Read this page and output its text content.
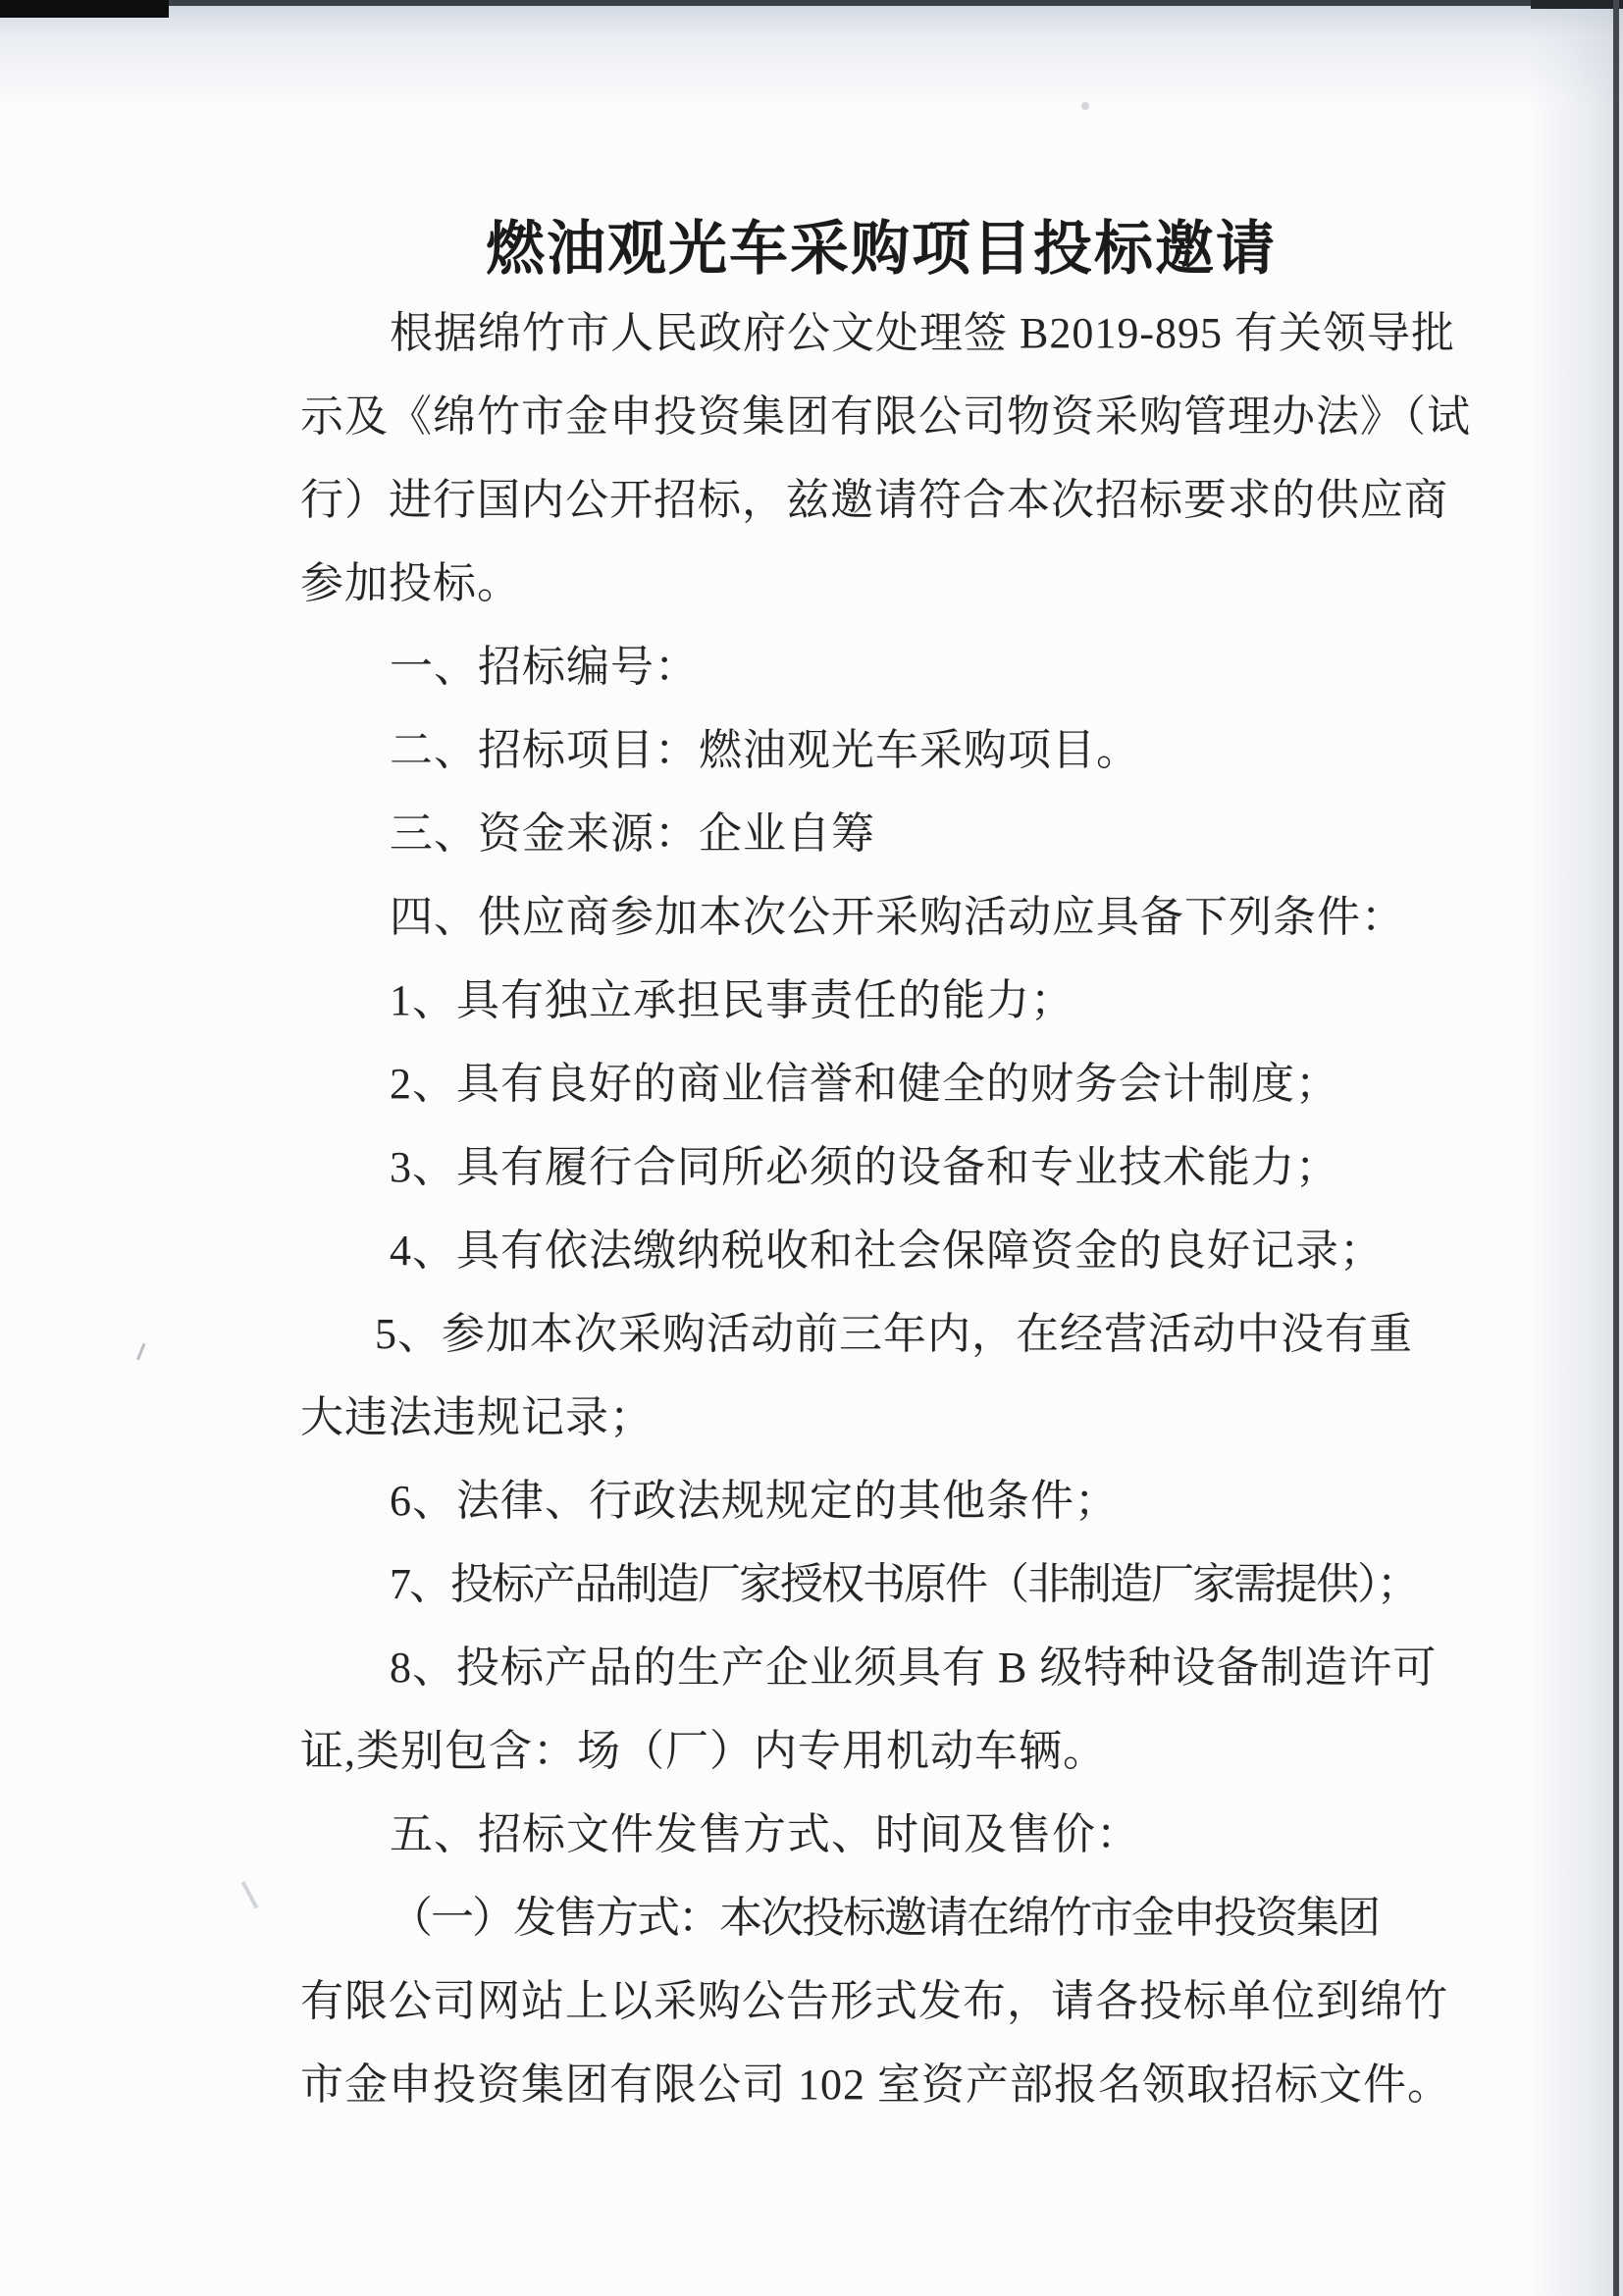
燃油观光车采购项目投标邀请
根据绵竹市人民政府公文处理签 B2019-895 有关领导批
示及《绵竹市金申投资集团有限公司物资采购管理办法》（试
行）进行国内公开招标，兹邀请符合本次招标要求的供应商
参加投标。
一、招标编号：
二、招标项目：燃油观光车采购项目。
三、资金来源：企业自筹
四、供应商参加本次公开采购活动应具备下列条件：
1、具有独立承担民事责任的能力；
2、具有良好的商业信誉和健全的财务会计制度；
3、具有履行合同所必须的设备和专业技术能力；
4、具有依法缴纳税收和社会保障资金的良好记录；
5、参加本次采购活动前三年内，在经营活动中没有重
大违法违规记录；
6、法律、行政法规规定的其他条件；
7、投标产品制造厂家授权书原件（非制造厂家需提供）；
8、投标产品的生产企业须具有 B 级特种设备制造许可
证,类别包含：场（厂）内专用机动车辆。
五、招标文件发售方式、时间及售价：
（一）发售方式：本次投标邀请在绵竹市金申投资集团
有限公司网站上以采购公告形式发布，请各投标单位到绵竹
市金申投资集团有限公司 102 室资产部报名领取招标文件。
